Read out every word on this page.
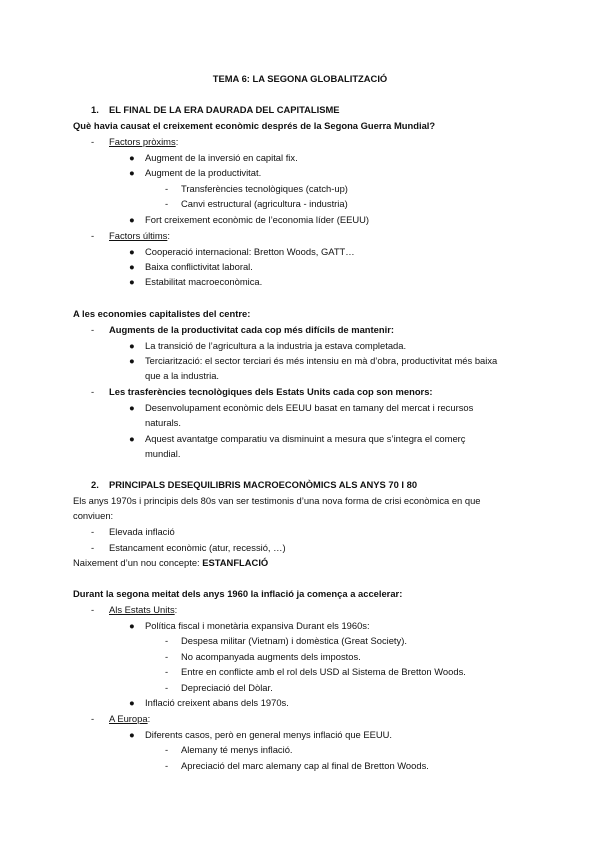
TEMA 6: LA SEGONA GLOBALITZACIÓ
1. EL FINAL DE LA ERA DAURADA DEL CAPITALISME
Què havia causat el creixement econòmic després de la Segona Guerra Mundial?
- Factors pròxims:
● Augment de la inversió en capital fix.
● Augment de la productivitat.
- Transferències tecnològiques (catch-up)
- Canvi estructural (agricultura - industria)
● Fort creixement econòmic de l’economia líder (EEUU)
- Factors últims:
● Cooperació internacional: Bretton Woods, GATT…
● Baixa conflictivitat laboral.
● Estabilitat macroeconòmica.
A les economies capitalistes del centre:
- Augments de la productivitat cada cop més difícils de mantenir:
● La transició de l’agricultura a la industria ja estava completada.
● Terciarització: el sector terciari és més intensiu en mà d’obra, productivitat més baixa
que a la industria.
- Les trasferències tecnològiques dels Estats Units cada cop son menors:
● Desenvolupament econòmic dels EEUU basat en tamany del mercat i recursos
naturals.
● Aquest avantatge comparatiu va disminuint a mesura que s’integra el comerç
mundial.
2. PRINCIPALS DESEQUILIBRIS MACROECONÒMICS ALS ANYS 70 I 80
Els anys 1970s i principis dels 80s van ser testimonis d’una nova forma de crisi econòmica en que
conviuen:
- Elevada inflació
- Estancament econòmic (atur, recessió, …)
Naixement d’un nou concepte: ESTANFLACIÓ
Durant la segona meitat dels anys 1960 la inflació ja comença a accelerar:
- Als Estats Units:
● Política fiscal i monetària expansiva Durant els 1960s:
- Despesa militar (Vietnam) i domèstica (Great Society).
- No acompanyada augments dels impostos.
- Entre en conflicte amb el rol dels USD al Sistema de Bretton Woods.
- Depreciació del Dòlar.
● Inflació creixent abans dels 1970s.
- A Europa:
● Diferents casos, però en general menys inflació que EEUU.
- Alemany té menys inflació.
- Apreciació del marc alemany cap al final de Bretton Woods.
